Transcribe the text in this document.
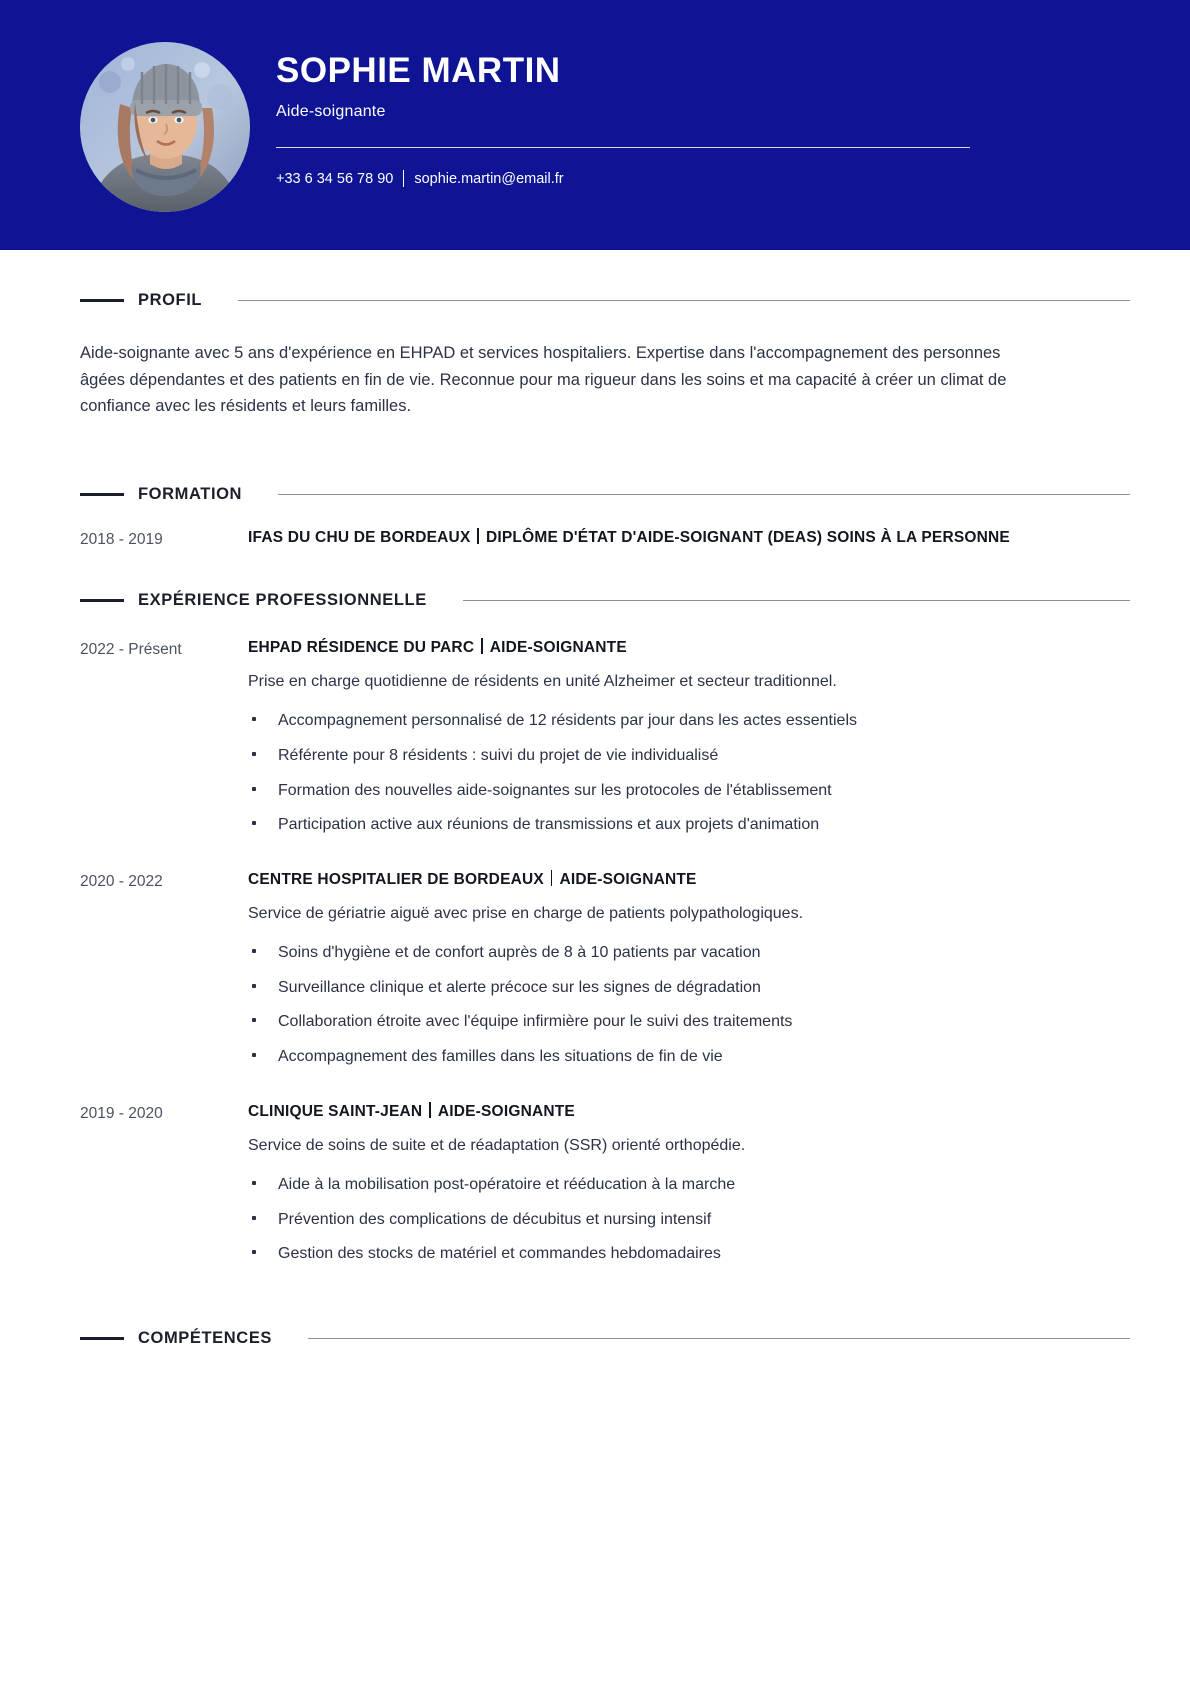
SOPHIE MARTIN

Aide-soignante

+33 6 34 56 78 90 sophie.martin@email.fr
PROFIL

Aide-soignante avec 5 ans d'expérience en EHPAD et services hospitaliers. Expertise dans l'accompagnement des personnes âgées dépendantes et des patients en fin de vie. Reconnue pour ma rigueur dans les soins et ma capacité à créer un climat de confiance avec les résidents et leurs familles.

FORMATION
2018 - 2019	IFAS DU CHU DE BORDEAUX DIPLÔME D'ÉTAT D'AIDE-SOIGNANT (DEAS) SOINS À LA PERSONNE
EXPÉRIENCE PROFESSIONNELLE
2022 - Présent	EHPAD RÉSIDENCE DU PARC AIDE-SOIGNANTE

Prise en charge quotidienne de résidents en unité Alzheimer et secteur traditionnel.

Accompagnement personnalisé de 12 résidents par jour dans les actes essentiels
Référente pour 8 résidents : suivi du projet de vie individualisé
Formation des nouvelles aide-soignantes sur les protocoles de l'établissement
Participation active aux réunions de transmissions et aux projets d'animation
2020 - 2022	CENTRE HOSPITALIER DE BORDEAUX AIDE-SOIGNANTE

Service de gériatrie aiguë avec prise en charge de patients polypathologiques.

Soins d'hygiène et de confort auprès de 8 à 10 patients par vacation
Surveillance clinique et alerte précoce sur les signes de dégradation
Collaboration étroite avec l'équipe infirmière pour le suivi des traitements
Accompagnement des familles dans les situations de fin de vie
2019 - 2020	CLINIQUE SAINT-JEAN AIDE-SOIGNANTE

Service de soins de suite et de réadaptation (SSR) orienté orthopédie.

Aide à la mobilisation post-opératoire et rééducation à la marche
Prévention des complications de décubitus et nursing intensif
Gestion des stocks de matériel et commandes hebdomadaires
COMPÉTENCES
